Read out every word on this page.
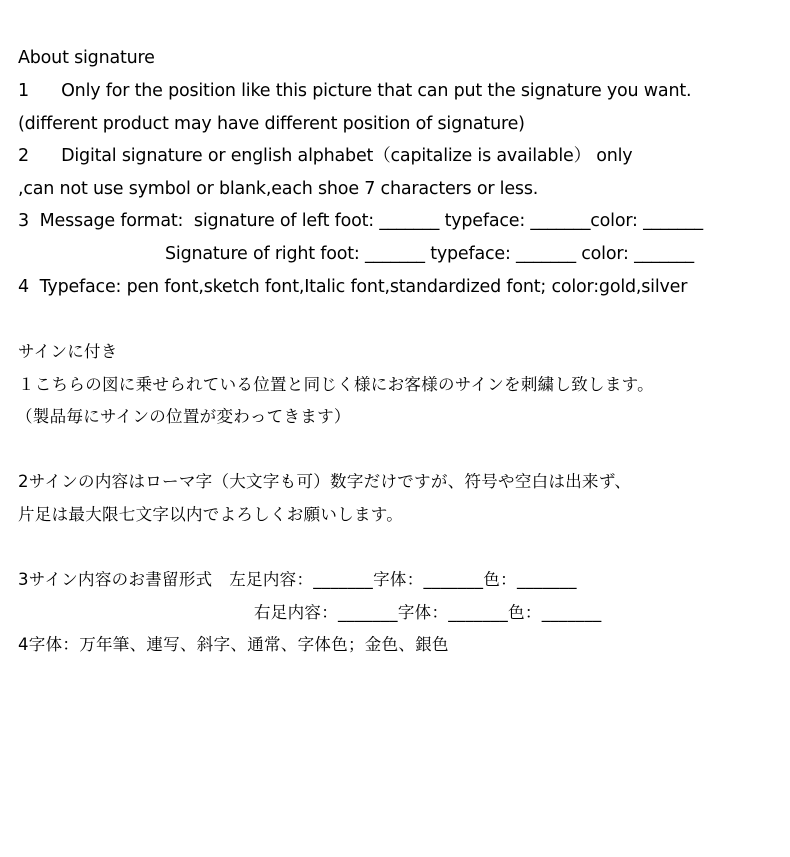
About signature
1      Only for the position like this picture that can put the signature you want.
(different product may have different position of signature)
2      Digital signature or english alphabet（capitalize is available） only
,can not use symbol or blank,each shoe 7 characters or less.
3  Message format:  signature of left foot: _______ typeface: _______color: _______
Signature of right foot: _______ typeface: _______ color: _______
4  Typeface: pen font,sketch font,Italic font,standardized font; color:gold,silver
サインに付き
１こちらの図に乗せられている位置と同じく様にお客様のサインを刺繍し致します。
（製品毎にサインの位置が変わってきます）
2サインの内容はローマ字（大文字も可）数字だけですが、符号や空白は出来ず、
片足は最大限七文字以内でよろしくお願いします。
3サイン内容のお書留形式　左足内容：_______字体：_______色：_______
右足内容：_______字体：_______色：_______
4字体：万年筆、連写、斜字、通常、字体色；金色、銀色
